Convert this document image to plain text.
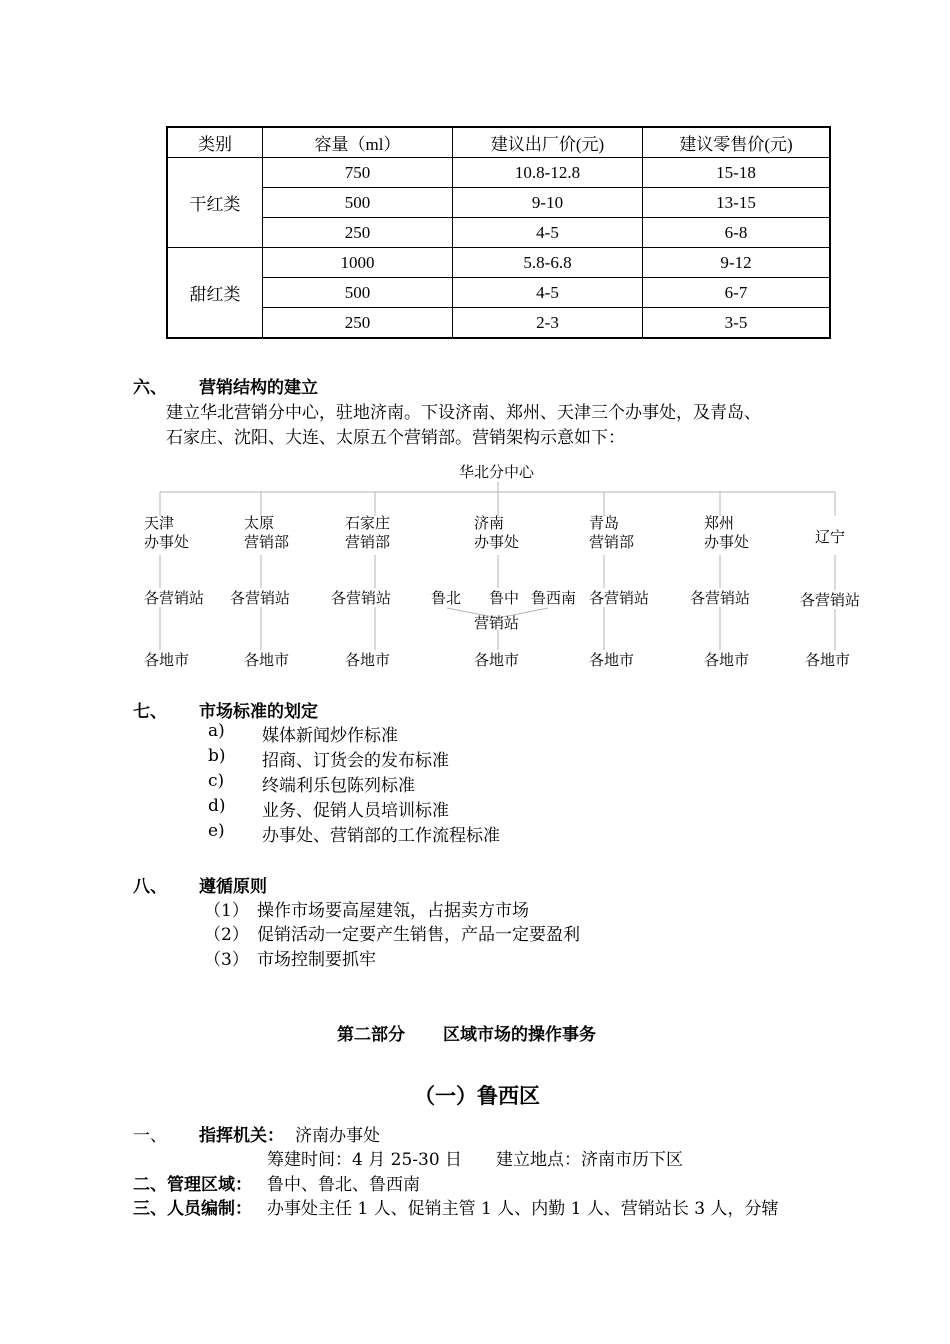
类别	容量（ml）	建议出厂价(元)	建议零售价(元)
干红类	750	10.8-12.8	15-18
	500	9-10	13-15
	250	4-5	6-8
甜红类	1000	5.8-6.8	9-12
	500	4-5	6-7
	250	2-3	3-5
六、 营销结构的建立
建立华北营销分中心，驻地济南。下设济南、郑州、天津三个办事处，及青岛、
石家庄、沈阳、大连、太原五个营销部。营销架构示意如下：
华北分中心
天津
办事处
太原
营销部
石家庄
营销部
济南
办事处
青岛
营销部
郑州
办事处	辽宁
各营销站 各营销站	各营销站	鲁北 鲁中 鲁西南 各营销站	各营销站	各营销站
营销站
各地市	各地市	各地市	各地市	各地市	各地市	各地市
七、 市场标准的划定
a) 媒体新闻炒作标准
b) 招商、订货会的发布标准
c) 终端利乐包陈列标准
d) 业务、促销人员培训标准
e) 办事处、营销部的工作流程标准
八、 遵循原则
（1） 操作市场要高屋建瓴，占据卖方市场
（2） 促销活动一定要产生销售，产品一定要盈利
（3） 市场控制要抓牢
第二部分 区域市场的操作事务
（一）鲁西区
一、 指挥机关： 济南办事处
筹建时间：4 月 25-30 日 建立地点：济南市历下区
二、管理区域： 鲁中、鲁北、鲁西南
三、人员编制： 办事处主任 1 人、促销主管 1 人、内勤 1 人、营销站长 3 人，分辖
